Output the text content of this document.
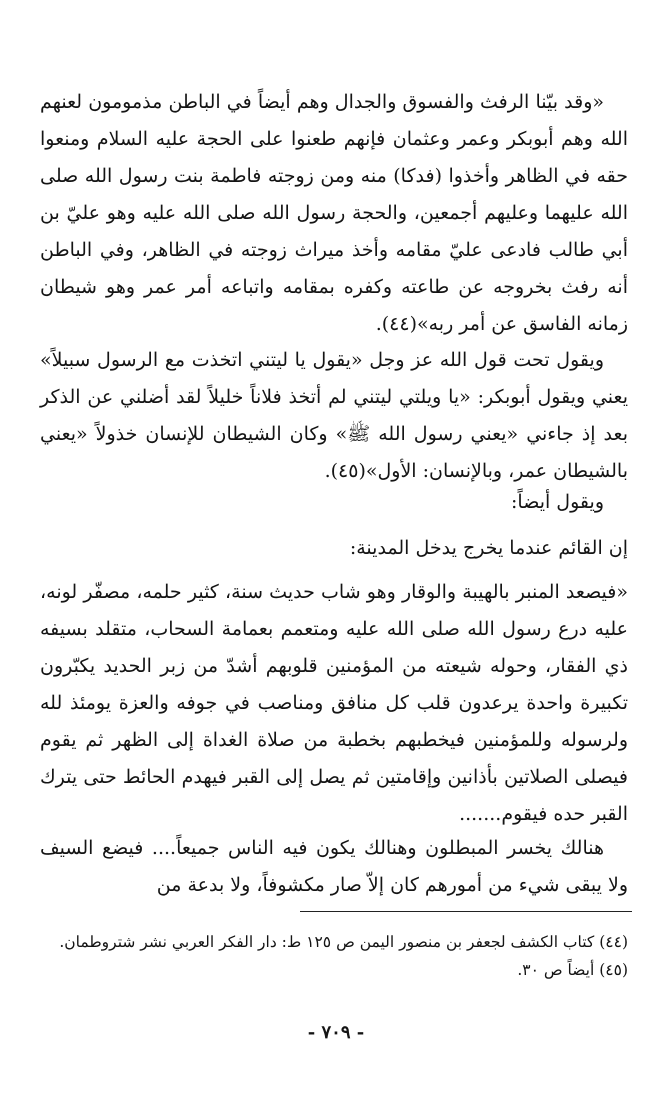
«وقد بيّنا الرفث والفسوق والجدال وهم أيضاً في الباطن مذمومون لعنهم الله وهم أبوبكر وعمر وعثمان فإنهم طعنوا على الحجة عليه السلام ومنعوا حقه في الظاهر وأخذوا (فدكا) منه ومن زوجته فاطمة بنت رسول الله صلى الله عليهما وعليهم أجمعين، والحجة رسول الله صلى الله عليه وهو عليّ بن أبي طالب فادعى عليّ مقامه وأخذ ميراث زوجته في الظاهر، وفي الباطن أنه رفث بخروجه عن طاعته وكفره بمقامه واتباعه أمر عمر وهو شيطان زمانه الفاسق عن أمر ربه»(٤٤).

ويقول تحت قول الله عز وجل «يقول يا ليتني اتخذت مع الرسول سبيلاً» يعني ويقول أبوبكر: «يا ويلتي ليتني لم أتخذ فلاناً خليلاً لقد أضلني عن الذكر بعد إذ جاءني «يعني رسول الله ﷺ» وكان الشيطان للإنسان خذولاً «يعني بالشيطان عمر، وبالإنسان: الأول»(٤٥).

ويقول أيضاً:

إن القائم عندما يخرج يدخل المدينة:

«فيصعد المنبر بالهيبة والوقار وهو شاب حديث سنة، كثير حلمه، مصفّر لونه، عليه درع رسول الله صلى الله عليه ومتعمم بعمامة السحاب، متقلد بسيفه ذي الفقار، وحوله شيعته من المؤمنين قلوبهم أشدّ من زبر الحديد يكبّرون تكبيرة واحدة يرعدون قلب كل منافق ومناصب في جوفه والعزة يومئذ لله ولرسوله وللمؤمنين فيخطبهم بخطبة من صلاة الغداة إلى الظهر ثم يقوم فيصلى الصلاتين بأذانين وإقامتين ثم يصل إلى القبر فيهدم الحائط حتى يترك القبر حده فيقوم.......

هنالك يخسر المبطلون وهنالك يكون فيه الناس جميعاً.... فيضع السيف ولا يبقى شيء من أمورهم كان إلاّ صار مكشوفاً، ولا بدعة من

(٤٤) كتاب الكشف لجعفر بن منصور اليمن ص ١٢٥ ط: دار الفكر العربي نشر شتروطمان.
(٤٥) أيضاً ص ٣٠.
- ٧٠٩ -
